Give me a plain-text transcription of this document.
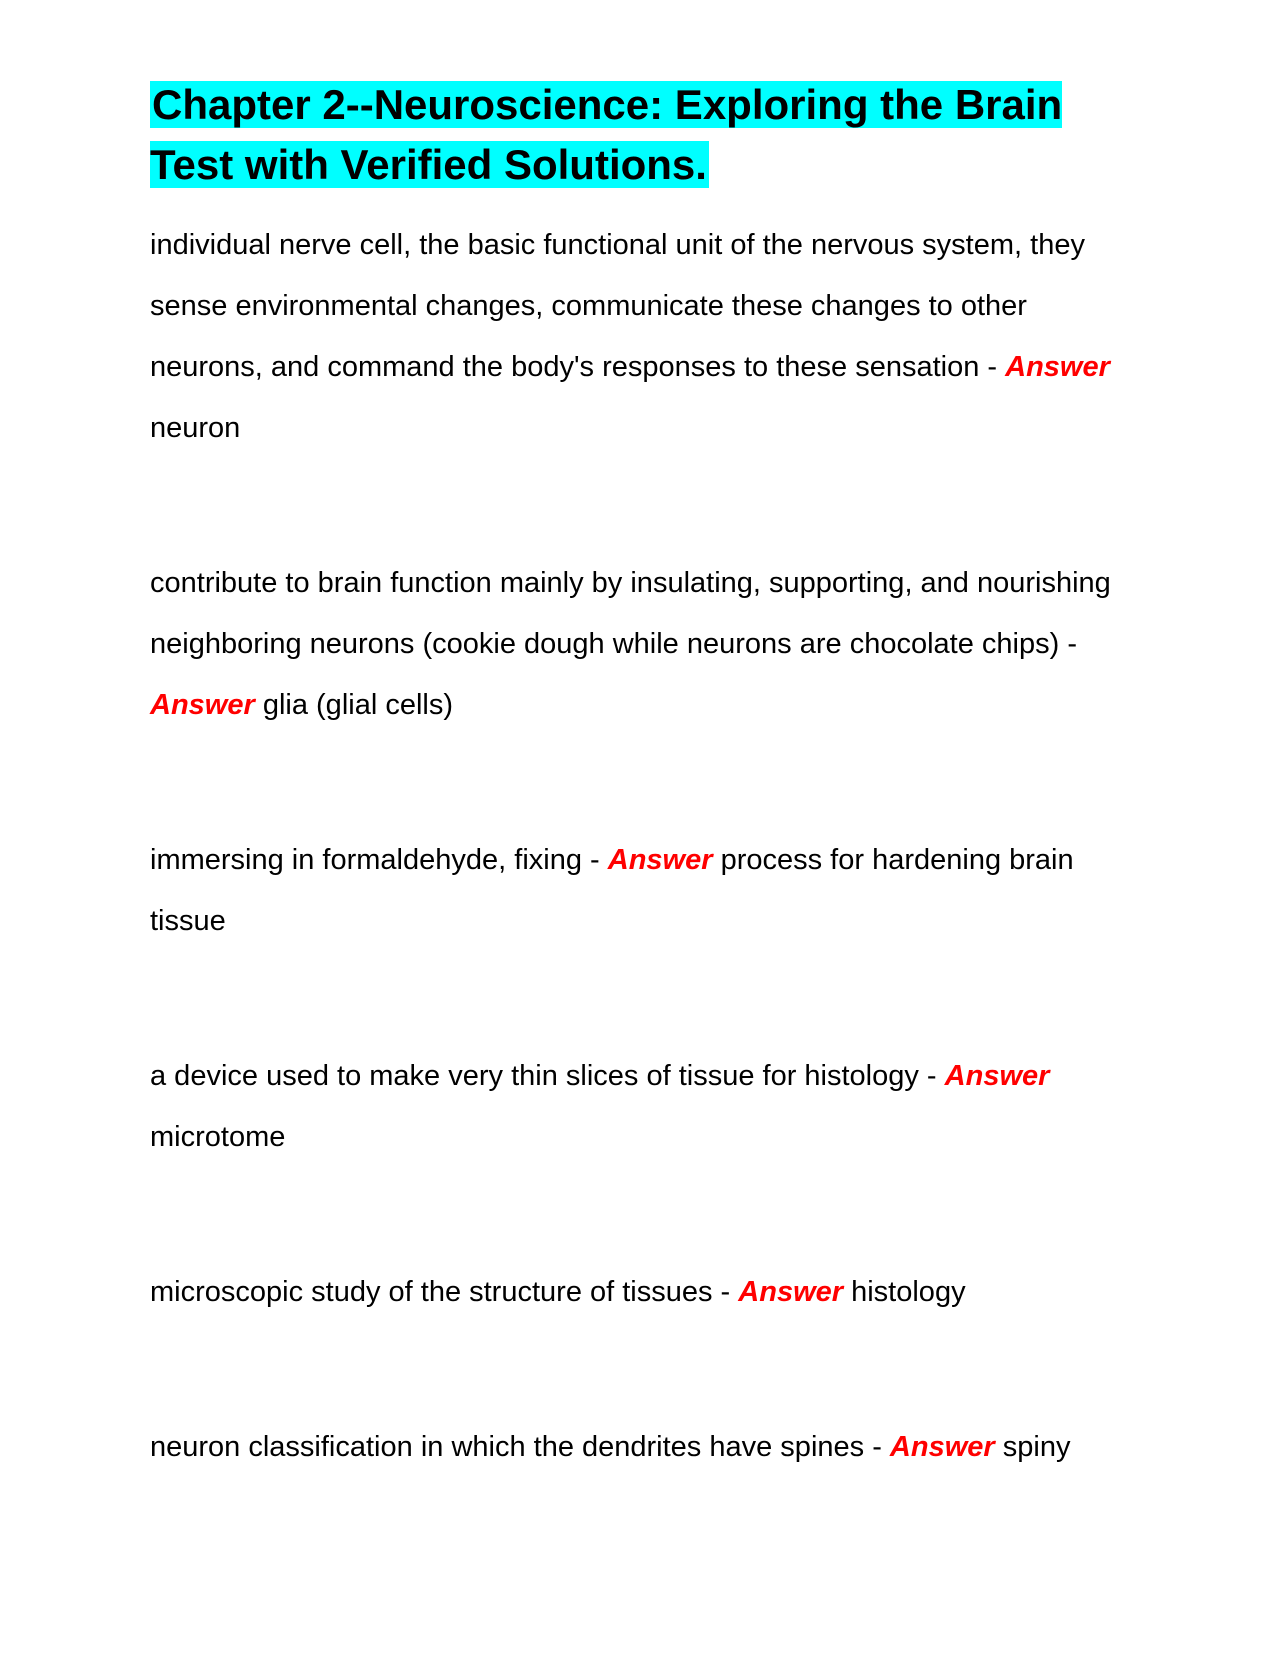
Chapter 2--Neuroscience: Exploring the Brain Test with Verified Solutions.

individual nerve cell, the basic functional unit of the nervous system, they sense environmental changes, communicate these changes to other neurons, and command the body's responses to these sensation - Answer neuron

contribute to brain function mainly by insulating, supporting, and nourishing neighboring neurons (cookie dough while neurons are chocolate chips) - Answer glia (glial cells)

immersing in formaldehyde, fixing - Answer process for hardening brain tissue

a device used to make very thin slices of tissue for histology - Answer microtome

microscopic study of the structure of tissues - Answer histology

neuron classification in which the dendrites have spines - Answer spiny
